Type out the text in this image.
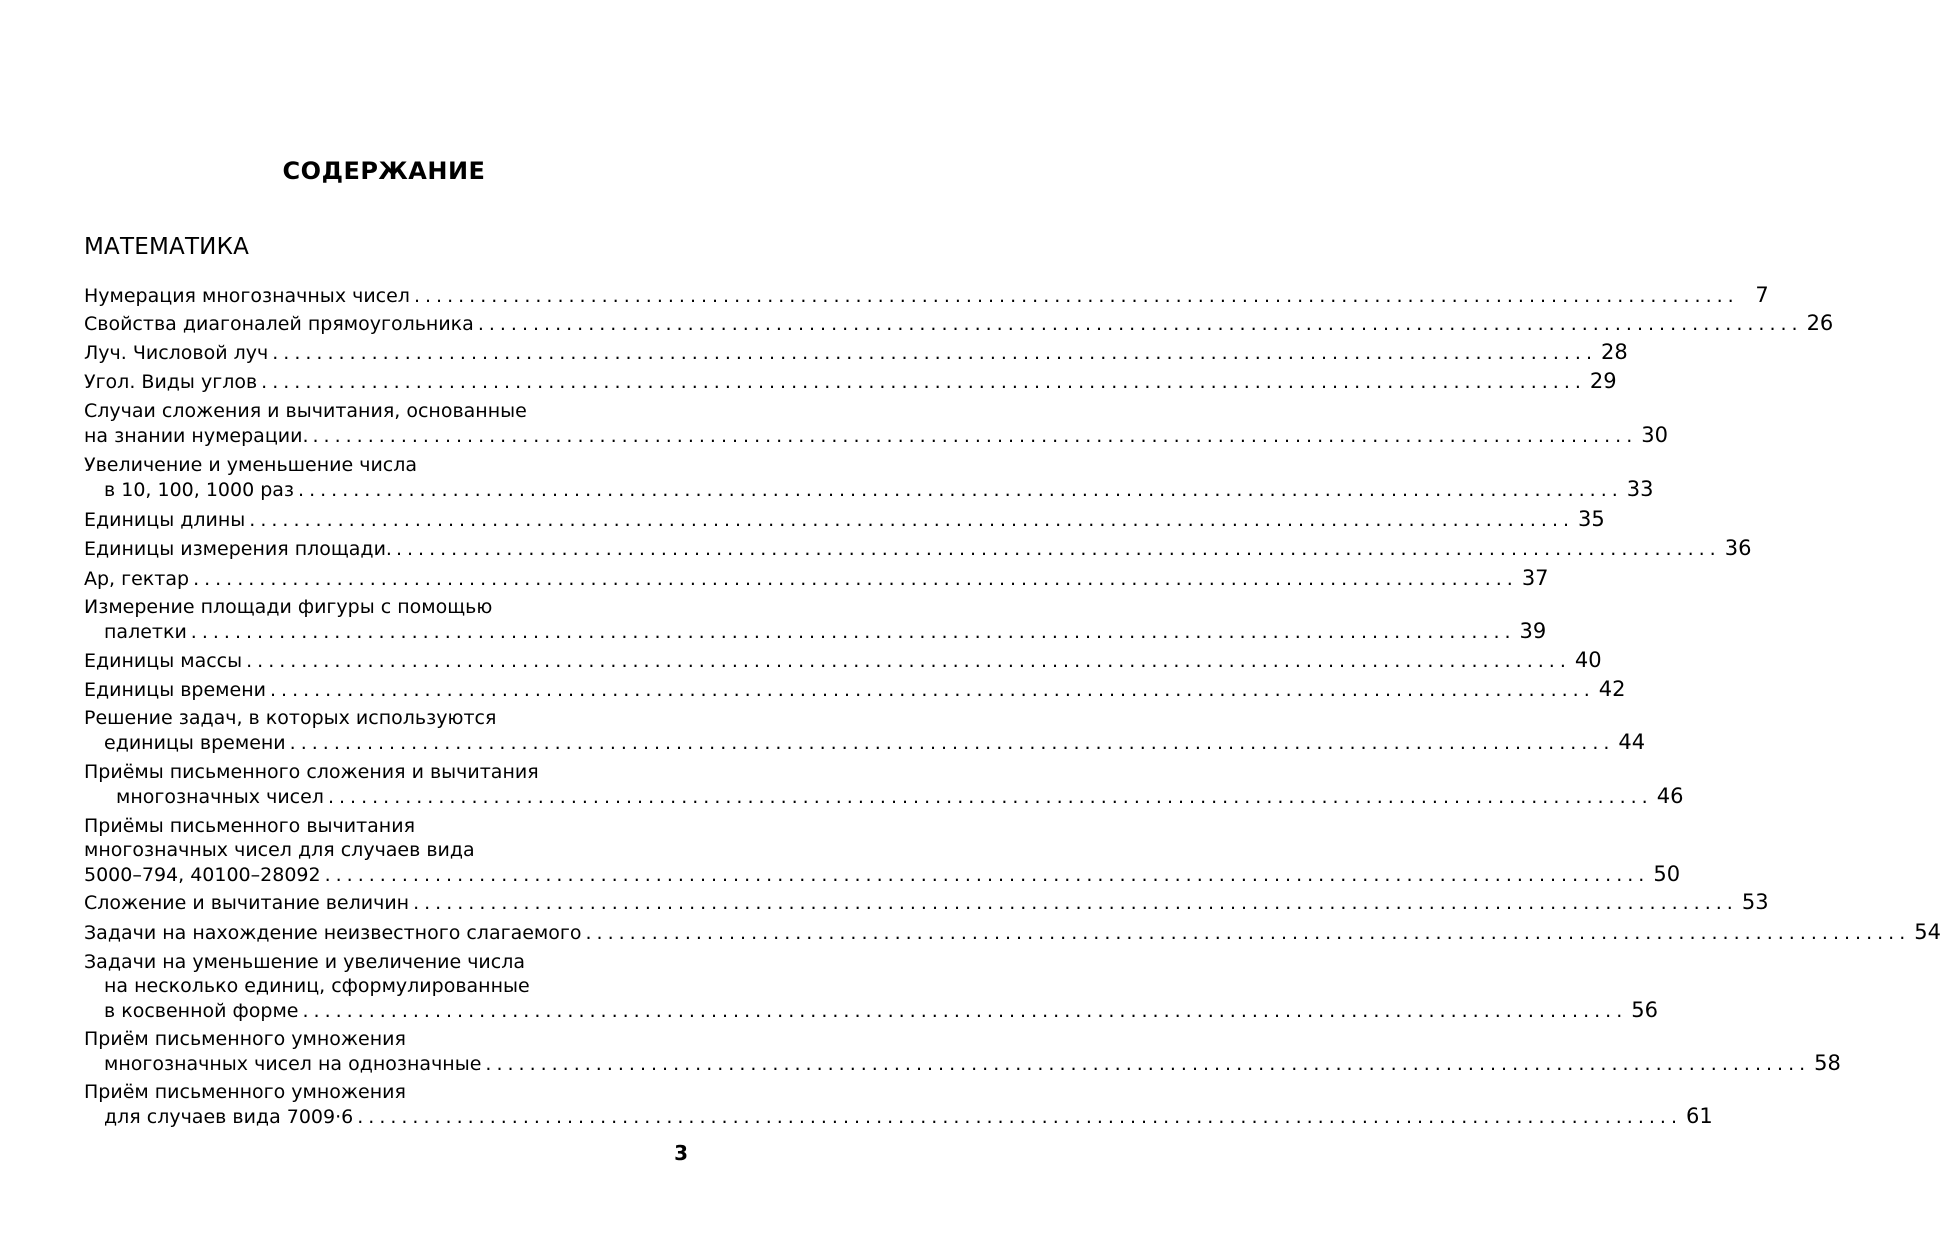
СОДЕРЖАНИЕ
МАТЕМАТИКА
Нумерация многозначных чисел ........................................................................................................................ 7
Свойства диагоналей прямоугольника ........................................................................................................................ 26
Луч. Числовой луч ........................................................................................................................ 28
Угол. Виды углов ........................................................................................................................ 29
Случаи сложения и вычитания, основанные
на знании нумерации. ........................................................................................................................ 30
Увеличение и уменьшение числа
в 10, 100, 1000 раз ........................................................................................................................ 33
Единицы длины ........................................................................................................................ 35
Единицы измерения площади. ........................................................................................................................ 36
Ар, гектар ........................................................................................................................ 37
Измерение площади фигуры с помощью
палетки ........................................................................................................................ 39
Единицы массы ........................................................................................................................ 40
Единицы времени ........................................................................................................................ 42
Решение задач, в которых используются
единицы времени ........................................................................................................................ 44
Приёмы письменного сложения и вычитания
многозначных чисел ........................................................................................................................ 46
Приёмы письменного вычитания
многозначных чисел для случаев вида
5000–794, 40100–28092 ........................................................................................................................ 50
Сложение и вычитание величин ........................................................................................................................ 53
Задачи на нахождение неизвестного слагаемого ........................................................................................................................ 54
Задачи на уменьшение и увеличение числа
на несколько единиц, сформулированные
в косвенной форме ........................................................................................................................ 56
Приём письменного умножения
многозначных чисел на однозначные ........................................................................................................................ 58
Приём письменного умножения
для случаев вида 7009·6 ........................................................................................................................ 61
3
